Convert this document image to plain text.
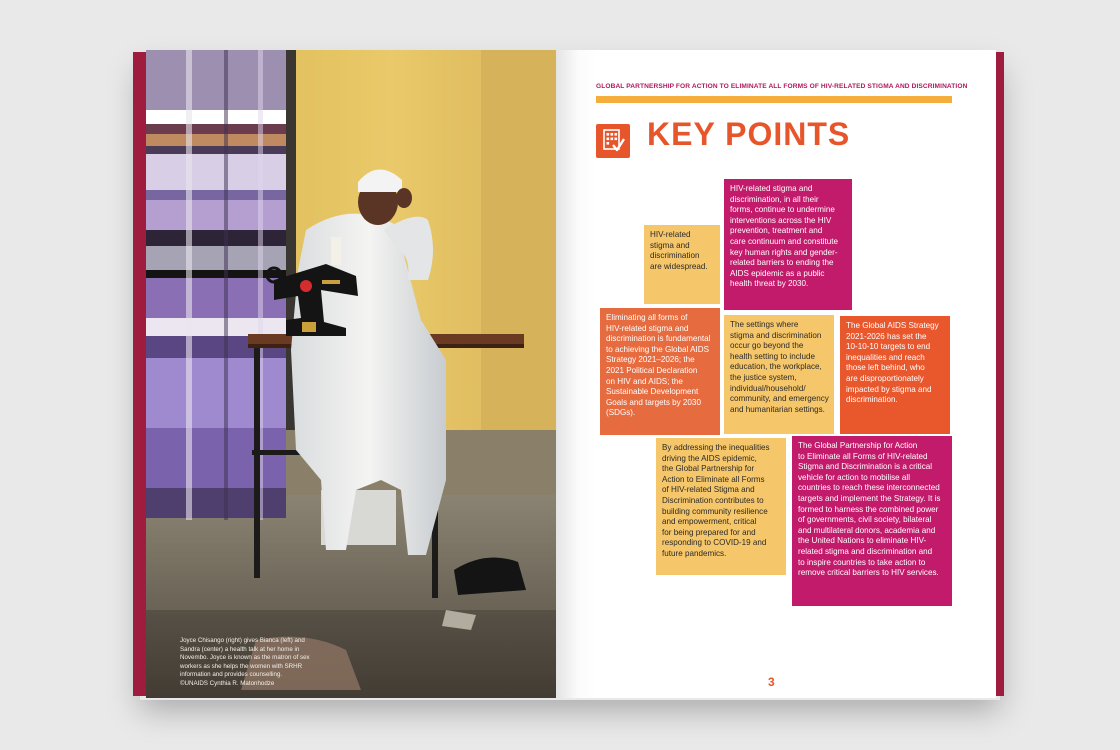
Joyce Chisango (right) gives Bianca (left) and
Sandra (center) a health talk at her home in
Novembo. Joyce is known as the matron of sex
workers as she helps the women with SRHR
information and provides counselling.
©UNAIDS Cynthia R. Matonhodze
GLOBAL PARTNERSHIP FOR ACTION TO ELIMINATE ALL FORMS OF HIV-RELATED STIGMA AND DISCRIMINATION
KEY POINTS

HIV-related
stigma and
discrimination
are widespread.

HIV-related stigma and
discrimination, in all their
forms, continue to undermine
interventions across the HIV
prevention, treatment and
care continuum and constitute
key human rights and gender-
related barriers to ending the
AIDS epidemic as a public
health threat by 2030.

Eliminating all forms of
HIV-related stigma and
discrimination is fundamental
to achieving the Global AIDS
Strategy 2021–2026; the
2021 Political Declaration
on HIV and AIDS; the
Sustainable Development
Goals and targets by 2030
(SDGs).

The settings where
stigma and discrimination
occur go beyond the
health setting to include
education, the workplace,
the justice system,
individual/household/
community, and emergency
and humanitarian settings.

The Global AIDS Strategy
2021-2026 has set the
10-10-10 targets to end
inequalities and reach
those left behind, who
are disproportionately
impacted by stigma and
discrimination.

By addressing the inequalities
driving the AIDS epidemic,
the Global Partnership for
Action to Eliminate all Forms
of HIV-related Stigma and
Discrimination contributes to
building community resilience
and empowerment, critical
for being prepared for and
responding to COVID-19 and
future pandemics.

The Global Partnership for Action
to Eliminate all Forms of HIV-related
Stigma and Discrimination is a critical
vehicle for action to mobilise all
countries to reach these interconnected
targets and implement the Strategy. It is
formed to harness the combined power
of governments, civil society, bilateral
and multilateral donors, academia and
the United Nations to eliminate HIV-
related stigma and discrimination and
to inspire countries to take action to
remove critical barriers to HIV services.

3
